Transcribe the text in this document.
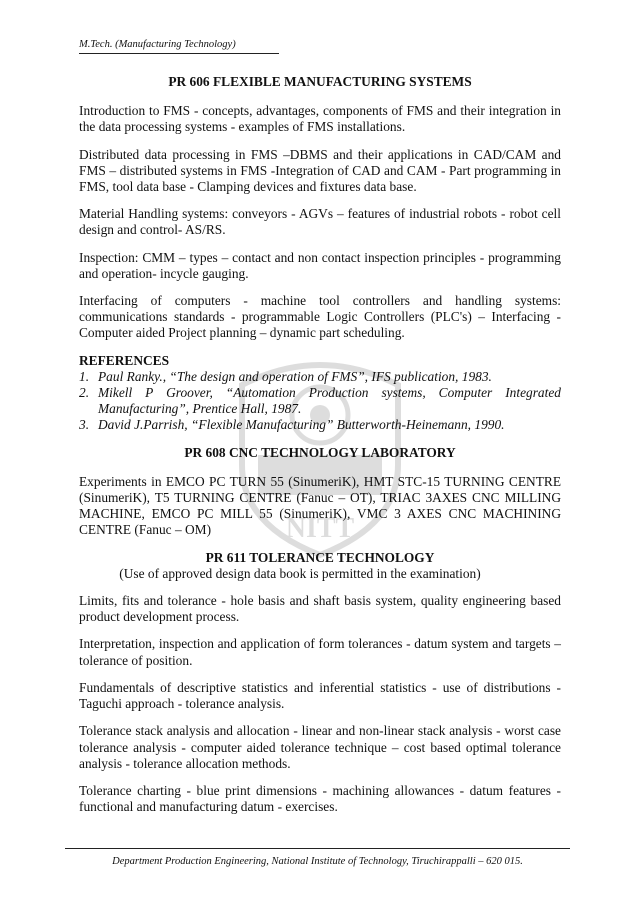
NITT
M.Tech. (Manufacturing Technology)
PR 606 FLEXIBLE MANUFACTURING SYSTEMS

Introduction to FMS - concepts, advantages, components of FMS and their integration in the data processing systems - examples of FMS installations.

Distributed data processing in FMS –DBMS and their applications in CAD/CAM and FMS – distributed systems in FMS -Integration of CAD and CAM - Part programming in FMS, tool data base - Clamping devices and fixtures data base.

Material Handling systems: conveyors - AGVs – features of industrial robots - robot cell design and control- AS/RS.

Inspection: CMM – types – contact and non contact inspection principles - programming and operation- incycle gauging.

Interfacing of computers - machine tool controllers and handling systems: communications standards - programmable Logic Controllers (PLC's) – Interfacing - Computer aided Project planning – dynamic part scheduling.

REFERENCES
1. Paul Ranky., “The design and operation of FMS”, IFS publication, 1983.
2. Mikell P Groover, “Automation Production systems, Computer Integrated Manufacturing”, Prentice Hall, 1987.
3. David J.Parrish, “Flexible Manufacturing” Butterworth-Heinemann, 1990.
PR 608 CNC TECHNOLOGY LABORATORY

Experiments in EMCO PC TURN 55 (SinumeriK), HMT STC-15 TURNING CENTRE (SinumeriK), T5 TURNING CENTRE (Fanuc – OT), TRIAC 3AXES CNC MILLING MACHINE, EMCO PC MILL 55 (SinumeriK), VMC 3 AXES CNC MACHINING CENTRE (Fanuc – OM)

PR 611 TOLERANCE TECHNOLOGY
(Use of approved design data book is permitted in the examination)

Limits, fits and tolerance - hole basis and shaft basis system, quality engineering based product development process.

Interpretation, inspection and application of form tolerances - datum system and targets – tolerance of position.

Fundamentals of descriptive statistics and inferential statistics - use of distributions - Taguchi approach - tolerance analysis.

Tolerance stack analysis and allocation - linear and non-linear stack analysis - worst case tolerance analysis - computer aided tolerance technique – cost based optimal tolerance analysis - tolerance allocation methods.

Tolerance charting - blue print dimensions - machining allowances - datum features - functional and manufacturing datum - exercises.

Department Production Engineering, National Institute of Technology, Tiruchirappalli – 620 015.
